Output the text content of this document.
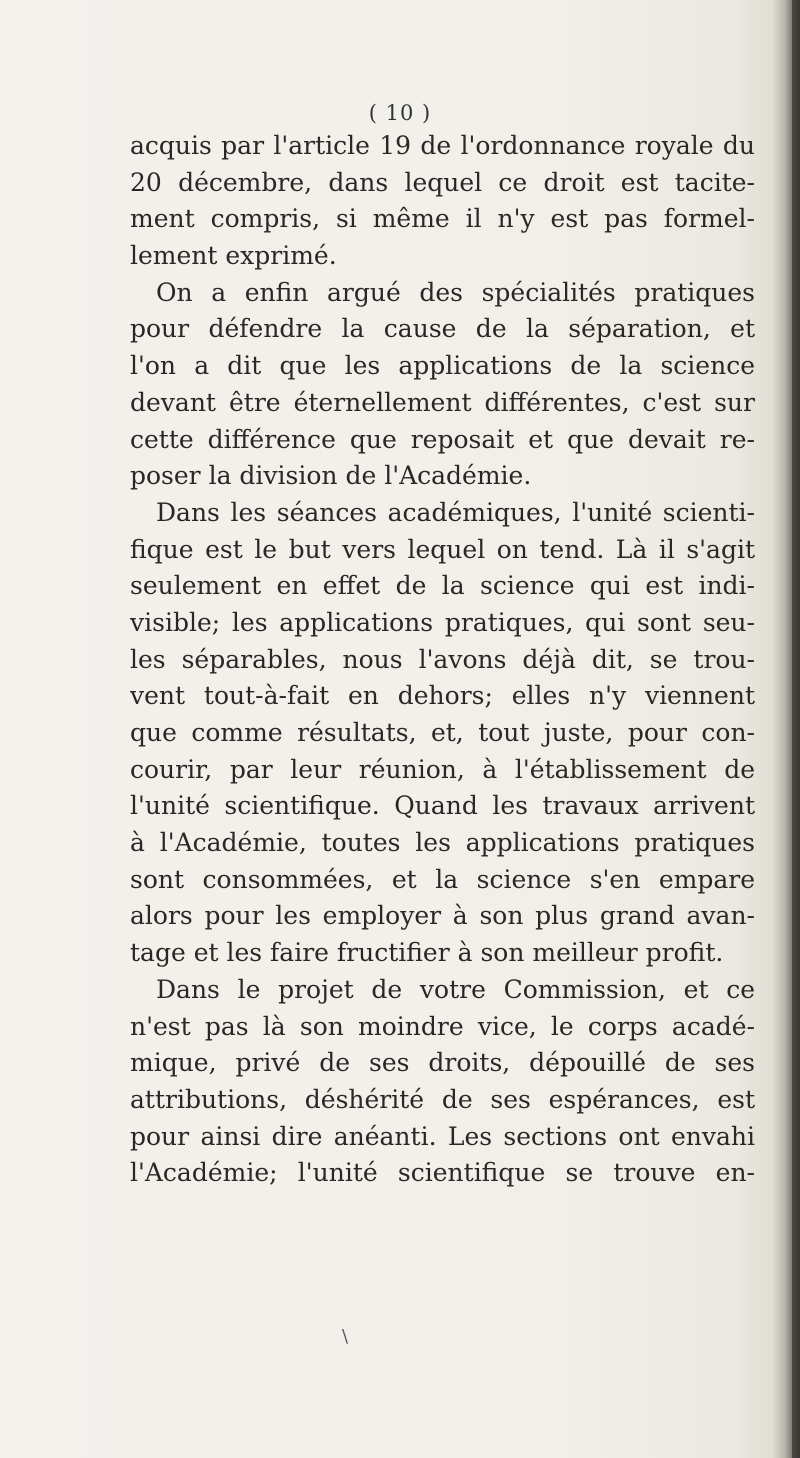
( 10 )
acquis par l'article 19 de l'ordonnance royale du
20 décembre, dans lequel ce droit est tacite-
ment compris, si même il n'y est pas formel-
lement exprimé.
On a enfin argué des spécialités pratiques
pour défendre la cause de la séparation, et
l'on a dit que les applications de la science
devant être éternellement différentes, c'est sur
cette différence que reposait et que devait re-
poser la division de l'Académie.
Dans les séances académiques, l'unité scienti-
fique est le but vers lequel on tend. Là il s'agit
seulement en effet de la science qui est indi-
visible; les applications pratiques, qui sont seu-
les séparables, nous l'avons déjà dit, se trou-
vent tout-à-fait en dehors; elles n'y viennent
que comme résultats, et, tout juste, pour con-
courir, par leur réunion, à l'établissement de
l'unité scientifique. Quand les travaux arrivent
à l'Académie, toutes les applications pratiques
sont consommées, et la science s'en empare
alors pour les employer à son plus grand avan-
tage et les faire fructifier à son meilleur profit.
Dans le projet de votre Commission, et ce
n'est pas là son moindre vice, le corps acadé-
mique, privé de ses droits, dépouillé de ses
attributions, déshérité de ses espérances, est
pour ainsi dire anéanti. Les sections ont envahi
l'Académie; l'unité scientifique se trouve en-
\
